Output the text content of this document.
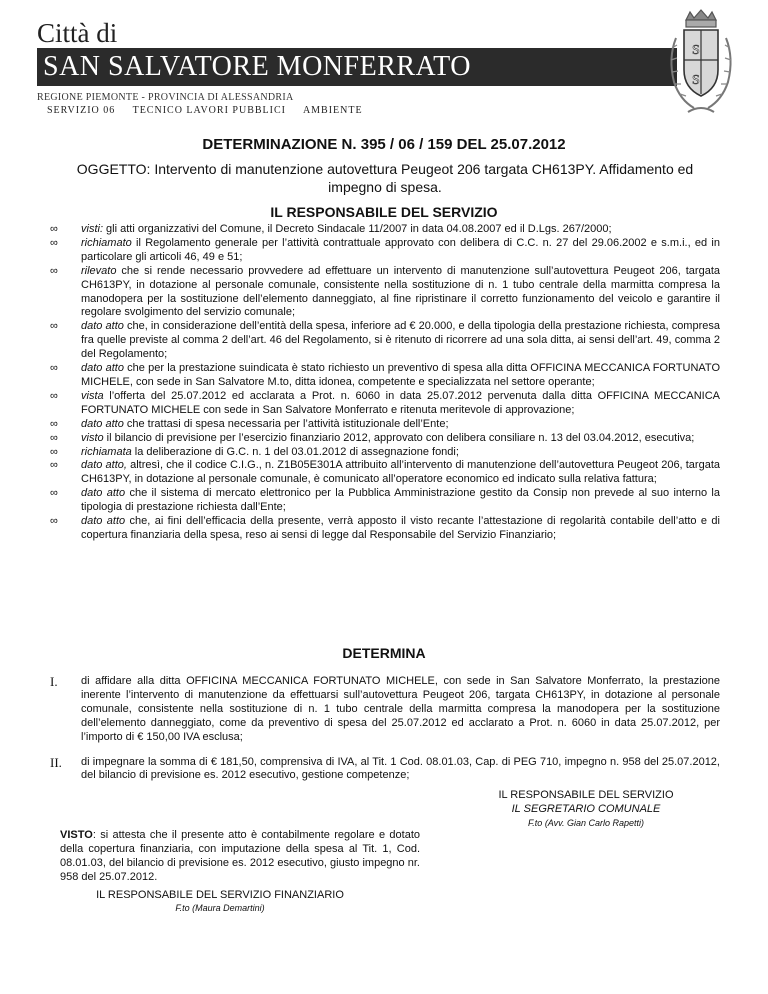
Città di
SAN SALVATORE MONFERRATO
REGIONE PIEMONTE - PROVINCIA DI ALESSANDRIA
S
S
SERVIZIO 06 TECNICO LAVORI PUBBLICI AMBIENTE
DETERMINAZIONE N. 395 / 06 / 159 DEL 25.07.2012
OGGETTO: Intervento di manutenzione autovettura Peugeot 206 targata CH613PY. Affidamento ed impegno di spesa.
IL RESPONSABILE DEL SERVIZIO
∞ visti: gli atti organizzativi del Comune, il Decreto Sindacale 11/2007 in data 04.08.2007 ed il D.Lgs. 267/2000;
∞ richiamato il Regolamento generale per l’attività contrattuale approvato con delibera di C.C. n. 27 del 29.06.2002 e s.m.i., ed in particolare gli articoli 46, 49 e 51;
∞ rilevato che si rende necessario provvedere ad effettuare un intervento di manutenzione sull’autovettura Peugeot 206, targata CH613PY, in dotazione al personale comunale, consistente nella sostituzione di n. 1 tubo centrale della marmitta compresa la manodopera per la sostituzione dell’elemento danneggiato, al fine ripristinare il corretto funzionamento del veicolo e garantire il regolare svolgimento del servizio comunale;
∞ dato atto che, in considerazione dell’entità della spesa, inferiore ad € 20.000, e della tipologia della prestazione richiesta, compresa fra quelle previste al comma 2 dell’art. 46 del Regolamento, si è ritenuto di ricorrere ad una sola ditta, ai sensi dell’art. 49, comma 2 del Regolamento;
∞ dato atto che per la prestazione suindicata è stato richiesto un preventivo di spesa alla ditta OFFICINA MECCANICA FORTUNATO MICHELE, con sede in San Salvatore M.to, ditta idonea, competente e specializzata nel settore operante;
∞ vista l’offerta del 25.07.2012 ed acclarata a Prot. n. 6060 in data 25.07.2012 pervenuta dalla ditta OFFICINA MECCANICA FORTUNATO MICHELE con sede in San Salvatore Monferrato e ritenuta meritevole di approvazione;
∞ dato atto che trattasi di spesa necessaria per l’attività istituzionale dell’Ente;
∞ visto il bilancio di previsione per l’esercizio finanziario 2012, approvato con delibera consiliare n. 13 del 03.04.2012, esecutiva;
∞ richiamata la deliberazione di G.C. n. 1 del 03.01.2012 di assegnazione fondi;
∞ dato atto, altresì, che il codice C.I.G., n. Z1B05E301A attribuito all’intervento di manutenzione dell’autovettura Peugeot 206, targata CH613PY, in dotazione al personale comunale, è comunicato all’operatore economico ed indicato sulla relativa fattura;
∞ dato atto che il sistema di mercato elettronico per la Pubblica Amministrazione gestito da Consip non prevede al suo interno la tipologia di prestazione richiesta dall’Ente;
∞ dato atto che, ai fini dell’efficacia della presente, verrà apposto il visto recante l’attestazione di regolarità contabile dell’atto e di copertura finanziaria della spesa, reso ai sensi di legge dal Responsabile del Servizio Finanziario;
DETERMINA
I. di affidare alla ditta OFFICINA MECCANICA FORTUNATO MICHELE, con sede in San Salvatore Monferrato, la prestazione inerente l’intervento di manutenzione da effettuarsi sull’autovettura Peugeot 206, targata CH613PY, in dotazione al personale comunale, consistente nella sostituzione di n. 1 tubo centrale della marmitta compresa la manodopera per la sostituzione dell’elemento danneggiato, come da preventivo di spesa del 25.07.2012 ed acclarato a Prot. n. 6060 in data 25.07.2012, per l’importo di € 150,00 IVA esclusa;
II. di impegnare la somma di € 181,50, comprensiva di IVA, al Tit. 1 Cod. 08.01.03, Cap. di PEG 710, impegno n. 958 del 25.07.2012, del bilancio di previsione es. 2012 esecutivo, gestione competenze;
IL RESPONSABILE DEL SERVIZIO
IL SEGRETARIO COMUNALE
F.to (Avv. Gian Carlo Rapetti)
VISTO: si attesta che il presente atto è contabilmente regolare e dotato della copertura finanziaria, con imputazione della spesa al Tit. 1, Cod. 08.01.03, del bilancio di previsione es. 2012 esecutivo, giusto impegno nr. 958 del 25.07.2012.
IL RESPONSABILE DEL SERVIZIO FINANZIARIO
F.to (Maura Demartini)
